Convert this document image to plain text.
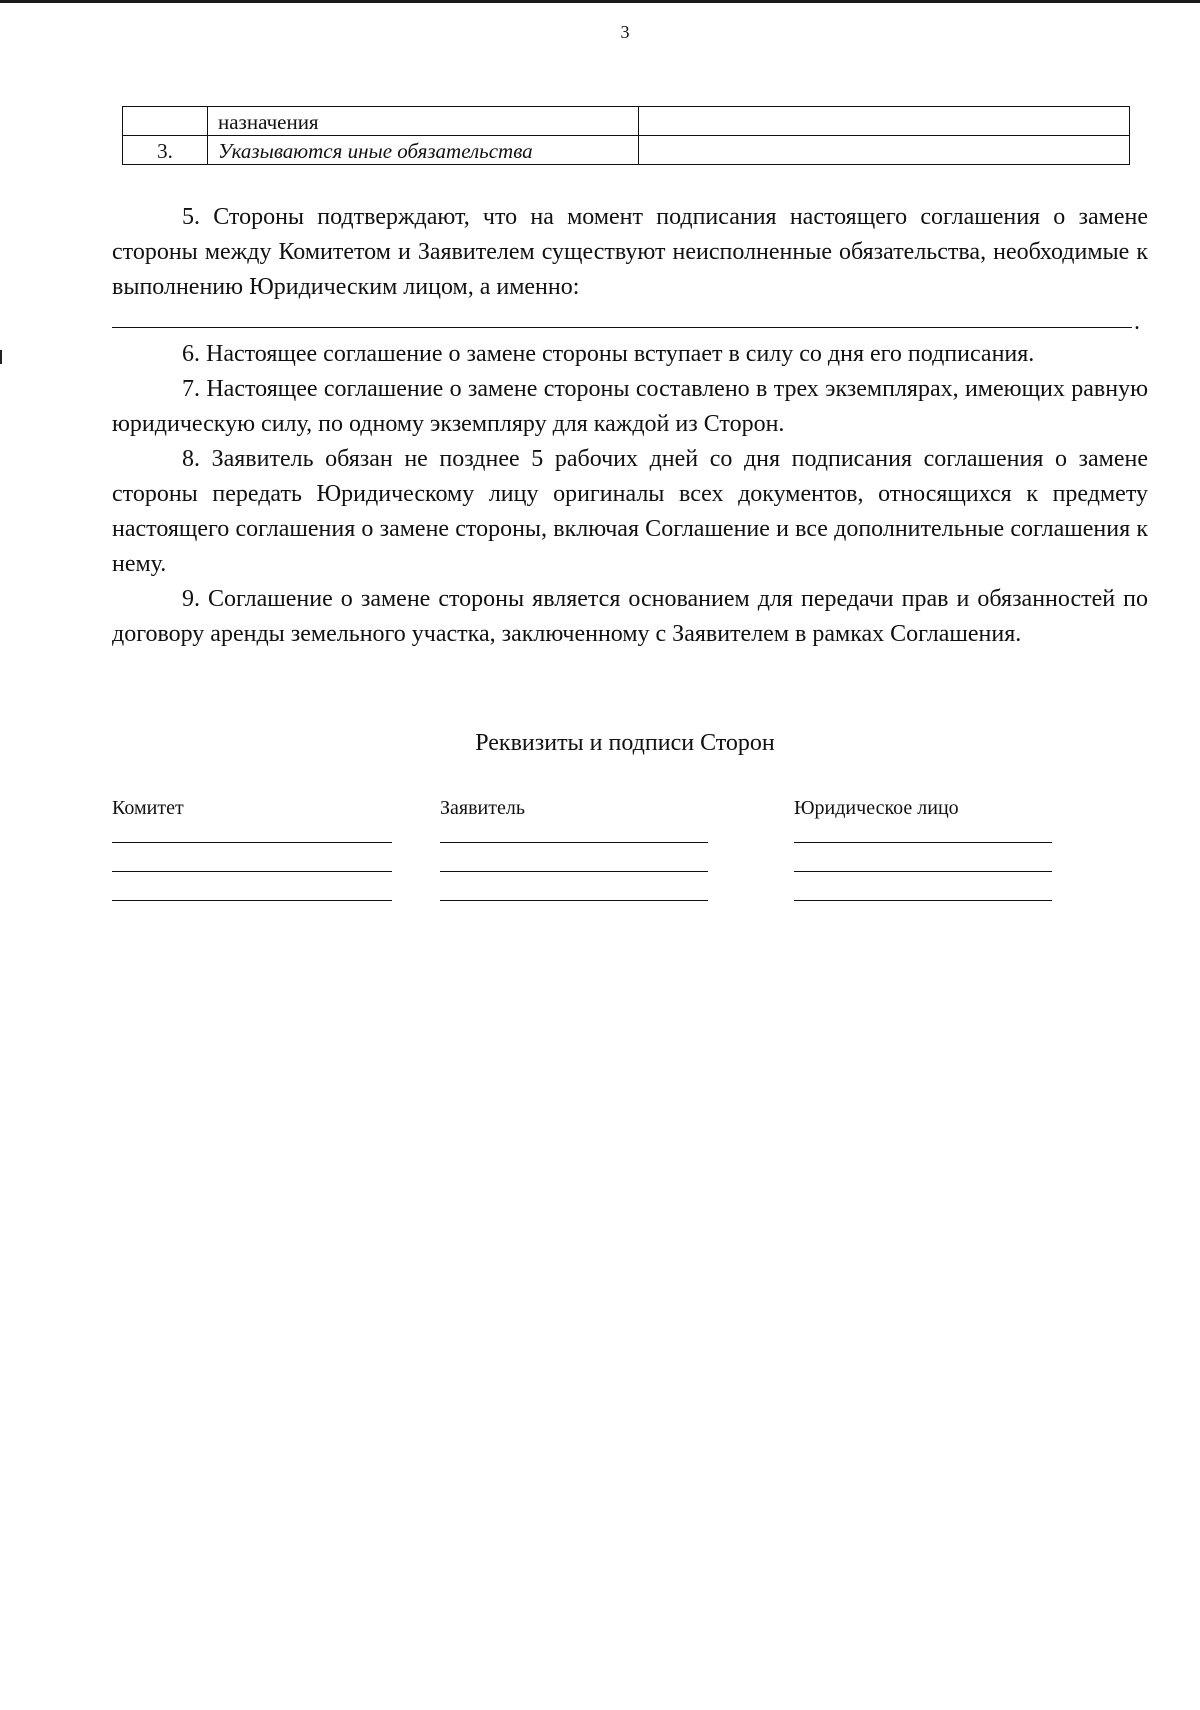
3
	назначения	
3.	Указываются иные обязательства	

5. Стороны подтверждают, что на момент подписания настоящего соглашения о замене стороны между Комитетом и Заявителем существуют неисполненные обязательства, необходимые к выполнению Юридическим лицом, а именно:

.

6. Настоящее соглашение о замене стороны вступает в силу со дня его подписания.

7. Настоящее соглашение о замене стороны составлено в трех экземплярах, имеющих равную юридическую силу, по одному экземпляру для каждой из Сторон.

8. Заявитель обязан не позднее 5 рабочих дней со дня подписания соглашения о замене стороны передать Юридическому лицу оригиналы всех документов, относящихся к предмету настоящего соглашения о замене стороны, включая Соглашение и все дополнительные соглашения к нему.

9. Соглашение о замене стороны является основанием для передачи прав и обязанностей по договору аренды земельного участка, заключенному с Заявителем в рамках Соглашения.

Реквизиты и подписи Сторон
Комитет	Заявитель	Юридическое лицо
